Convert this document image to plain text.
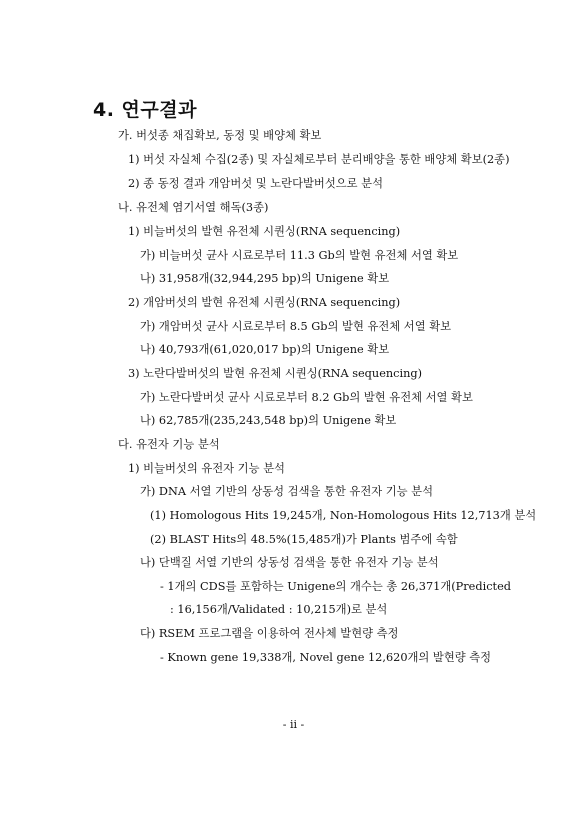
4. 연구결과
가. 버섯종 채집확보, 동정 및 배양체 확보
1) 버섯 자실체 수집(2종) 및 자실체로부터 분리배양을 통한 배양체 확보(2종)
2) 종 동정 결과 개암버섯 및 노란다발버섯으로 분석
나. 유전체 염기서열 해독(3종)
1) 비늘버섯의 발현 유전체 시퀀싱(RNA sequencing)
가) 비늘버섯 균사 시료로부터 11.3 Gb의 발현 유전체 서열 확보
나) 31,958개(32,944,295 bp)의 Unigene 확보
2) 개암버섯의 발현 유전체 시퀀싱(RNA sequencing)
가) 개암버섯 균사 시료로부터 8.5 Gb의 발현 유전체 서열 확보
나) 40,793개(61,020,017 bp)의 Unigene 확보
3) 노란다발버섯의 발현 유전체 시퀀싱(RNA sequencing)
가) 노란다발버섯 균사 시료로부터 8.2 Gb의 발현 유전체 서열 확보
나) 62,785개(235,243,548 bp)의 Unigene 확보
다. 유전자 기능 분석
1) 비늘버섯의 유전자 기능 분석
가) DNA 서열 기반의 상동성 검색을 통한 유전자 기능 분석
(1) Homologous Hits 19,245개, Non-Homologous Hits 12,713개 분석
(2) BLAST Hits의 48.5%(15,485개)가 Plants 범주에 속함
나) 단백질 서열 기반의 상동성 검색을 통한 유전자 기능 분석
- 1개의 CDS를 포함하는 Unigene의 개수는 총 26,371개(Predicted
: 16,156개/Validated : 10,215개)로 분석
다) RSEM 프로그램을 이용하여 전사체 발현량 측정
- Known gene 19,338개, Novel gene 12,620개의 발현량 측정
- ii -
